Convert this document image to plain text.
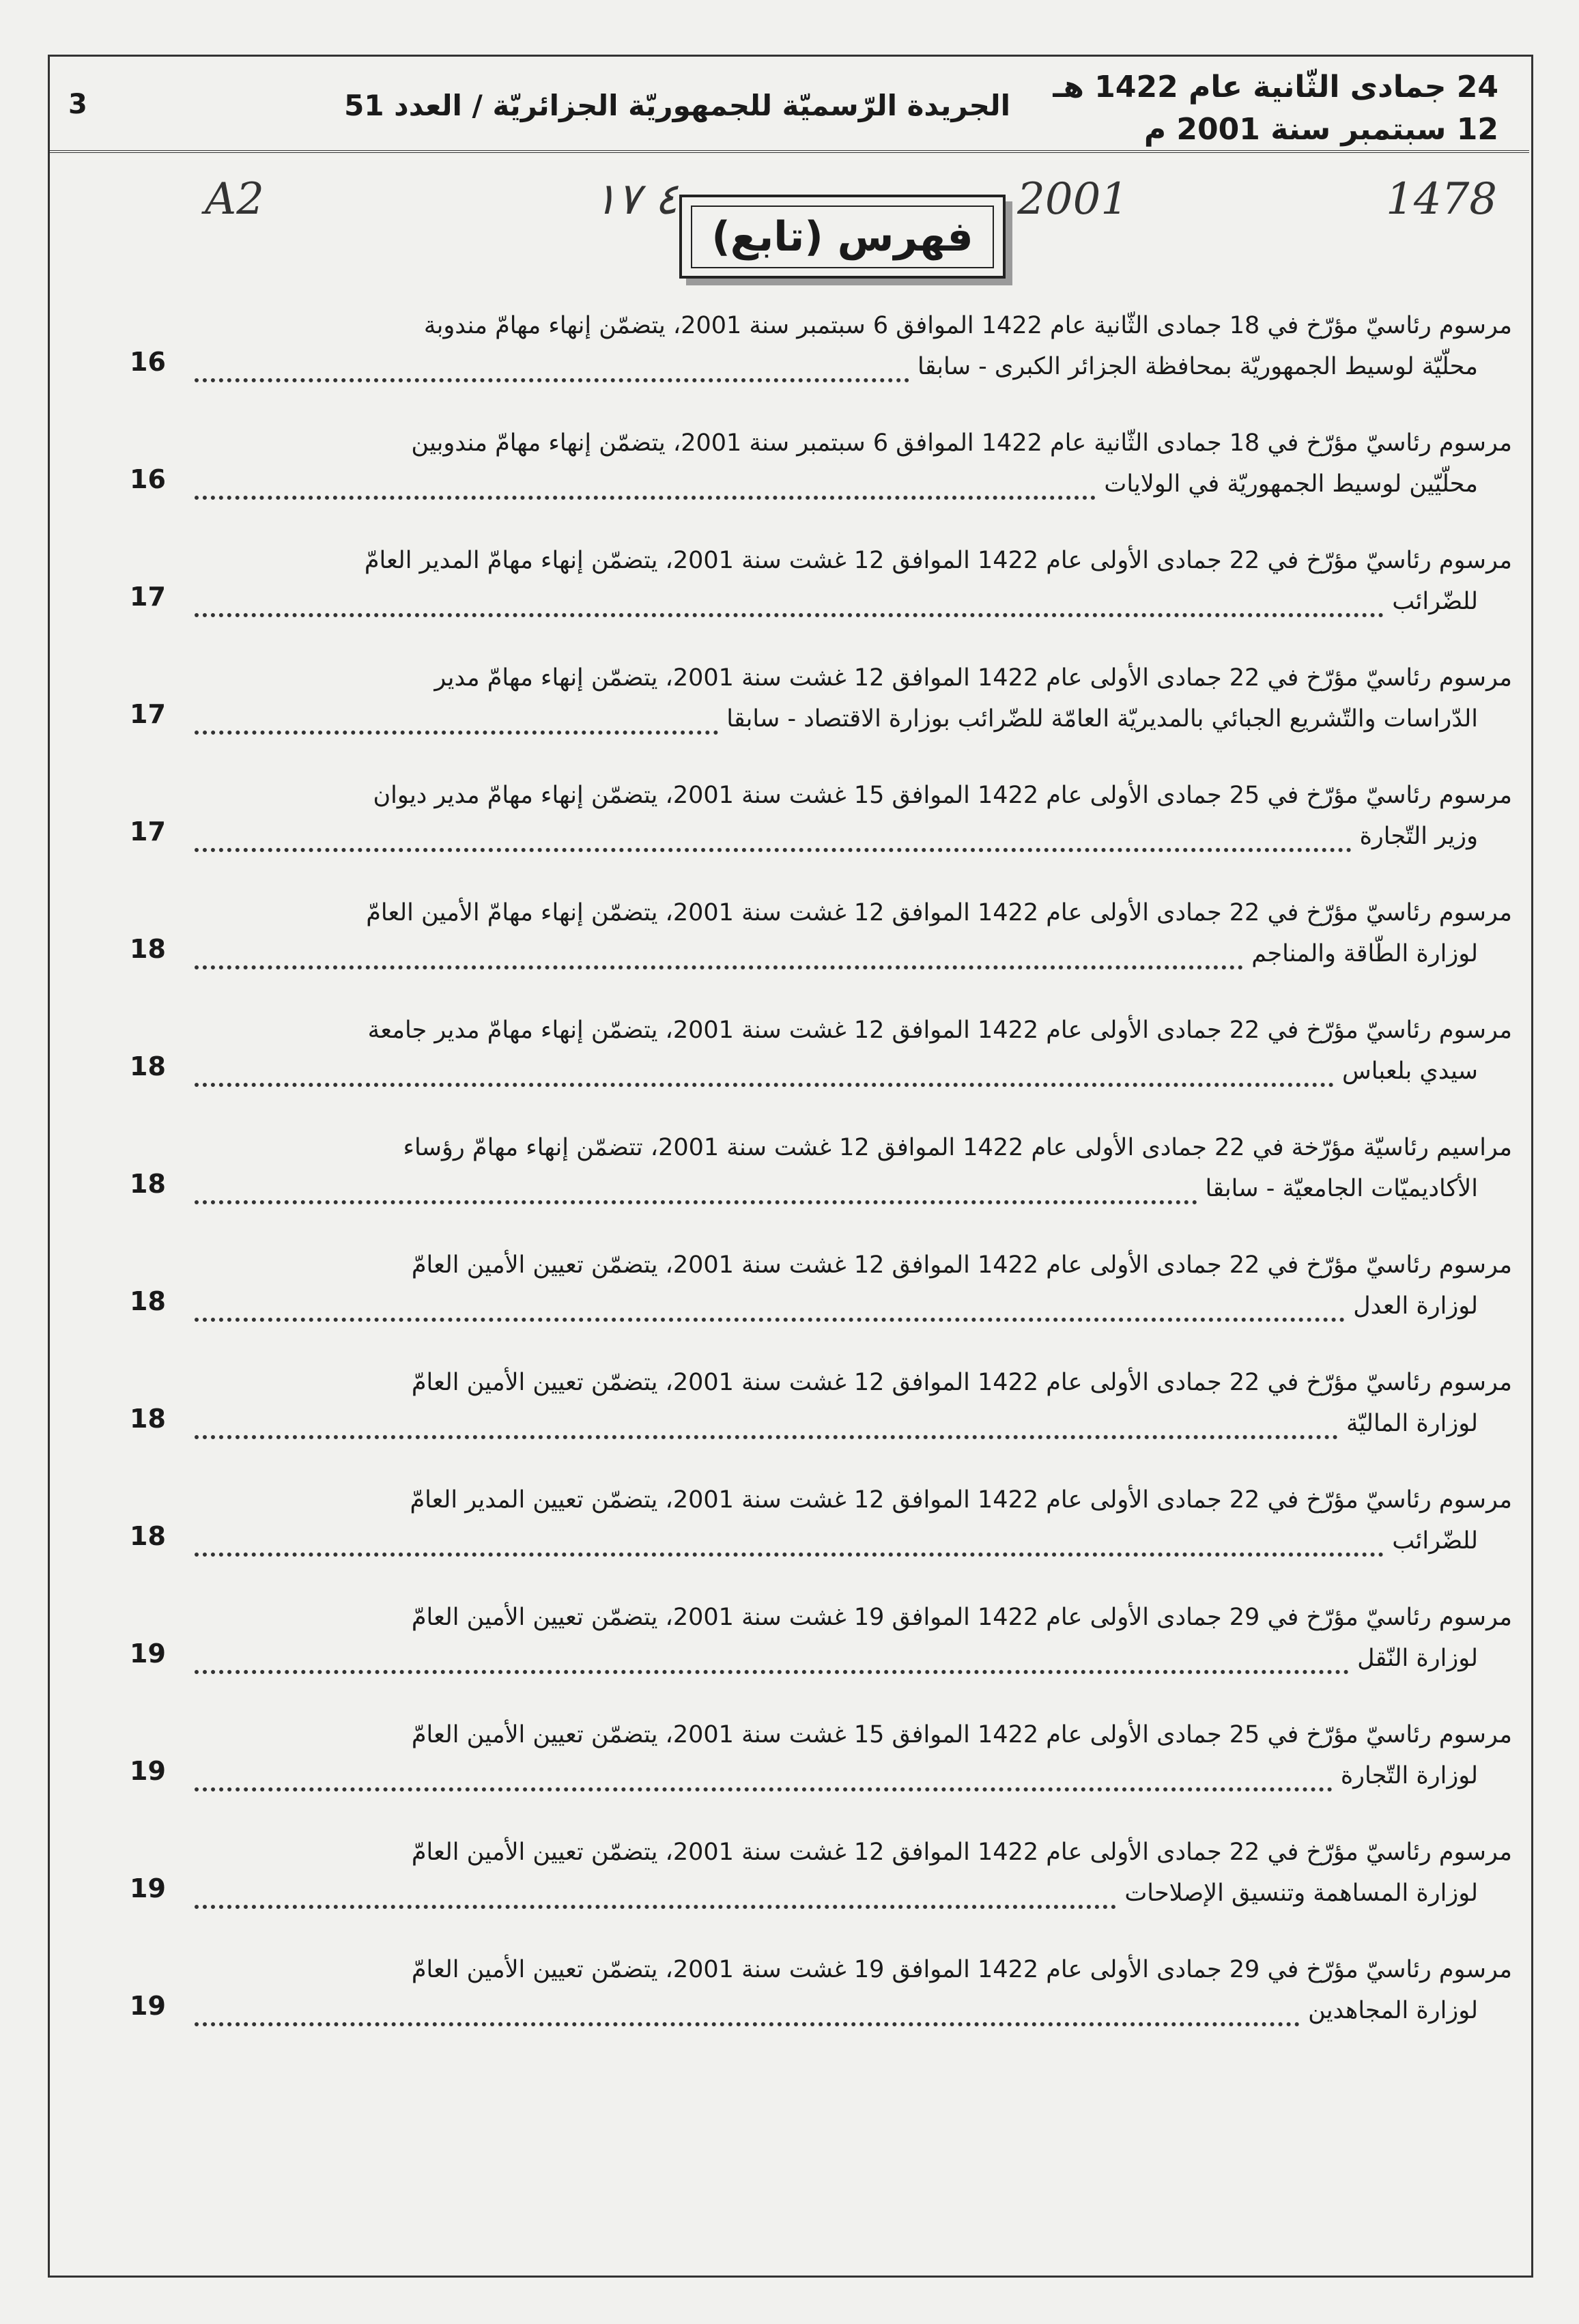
24 جمادى الثّانية عام 1422 هـ
12 سبتمبر سنة 2001 م
الجريدة الرّسميّة للجمهوريّة الجزائريّة / العدد 51
3
1478
2001
٤ ١٧
A2
فهرس (تابع)
مرسوم رئاسيّ مؤرّخ في 18 جمادى الثّانية عام 1422 الموافق 6 سبتمبر سنة 2001، يتضمّن إنهاء مهامّ مندوبة
محلّيّة لوسيط الجمهوريّة بمحافظة الجزائر الكبرى - سابقا
16
مرسوم رئاسيّ مؤرّخ في 18 جمادى الثّانية عام 1422 الموافق 6 سبتمبر سنة 2001، يتضمّن إنهاء مهامّ مندوبين
محلّيّين لوسيط الجمهوريّة في الولايات
16
مرسوم رئاسيّ مؤرّخ في 22 جمادى الأولى عام 1422 الموافق 12 غشت سنة 2001، يتضمّن إنهاء مهامّ المدير العامّ
للضّرائب
17
مرسوم رئاسيّ مؤرّخ في 22 جمادى الأولى عام 1422 الموافق 12 غشت سنة 2001، يتضمّن إنهاء مهامّ مدير
الدّراسات والتّشريع الجبائي بالمديريّة العامّة للضّرائب بوزارة الاقتصاد - سابقا
17
مرسوم رئاسيّ مؤرّخ في 25 جمادى الأولى عام 1422 الموافق 15 غشت سنة 2001، يتضمّن إنهاء مهامّ مدير ديوان
وزير التّجارة
17
مرسوم رئاسيّ مؤرّخ في 22 جمادى الأولى عام 1422 الموافق 12 غشت سنة 2001، يتضمّن إنهاء مهامّ الأمين العامّ
لوزارة الطّاقة والمناجم
18
مرسوم رئاسيّ مؤرّخ في 22 جمادى الأولى عام 1422 الموافق 12 غشت سنة 2001، يتضمّن إنهاء مهامّ مدير جامعة
سيدي بلعباس
18
مراسيم رئاسيّة مؤرّخة في 22 جمادى الأولى عام 1422 الموافق 12 غشت سنة 2001، تتضمّن إنهاء مهامّ رؤساء
الأكاديميّات الجامعيّة - سابقا
18
مرسوم رئاسيّ مؤرّخ في 22 جمادى الأولى عام 1422 الموافق 12 غشت سنة 2001، يتضمّن تعيين الأمين العامّ
لوزارة العدل
18
مرسوم رئاسيّ مؤرّخ في 22 جمادى الأولى عام 1422 الموافق 12 غشت سنة 2001، يتضمّن تعيين الأمين العامّ
لوزارة الماليّة
18
مرسوم رئاسيّ مؤرّخ في 22 جمادى الأولى عام 1422 الموافق 12 غشت سنة 2001، يتضمّن تعيين المدير العامّ
للضّرائب
18
مرسوم رئاسيّ مؤرّخ في 29 جمادى الأولى عام 1422 الموافق 19 غشت سنة 2001، يتضمّن تعيين الأمين العامّ
لوزارة النّقل
19
مرسوم رئاسيّ مؤرّخ في 25 جمادى الأولى عام 1422 الموافق 15 غشت سنة 2001، يتضمّن تعيين الأمين العامّ
لوزارة التّجارة
19
مرسوم رئاسيّ مؤرّخ في 22 جمادى الأولى عام 1422 الموافق 12 غشت سنة 2001، يتضمّن تعيين الأمين العامّ
لوزارة المساهمة وتنسيق الإصلاحات
19
مرسوم رئاسيّ مؤرّخ في 29 جمادى الأولى عام 1422 الموافق 19 غشت سنة 2001، يتضمّن تعيين الأمين العامّ
لوزارة المجاهدين
19
